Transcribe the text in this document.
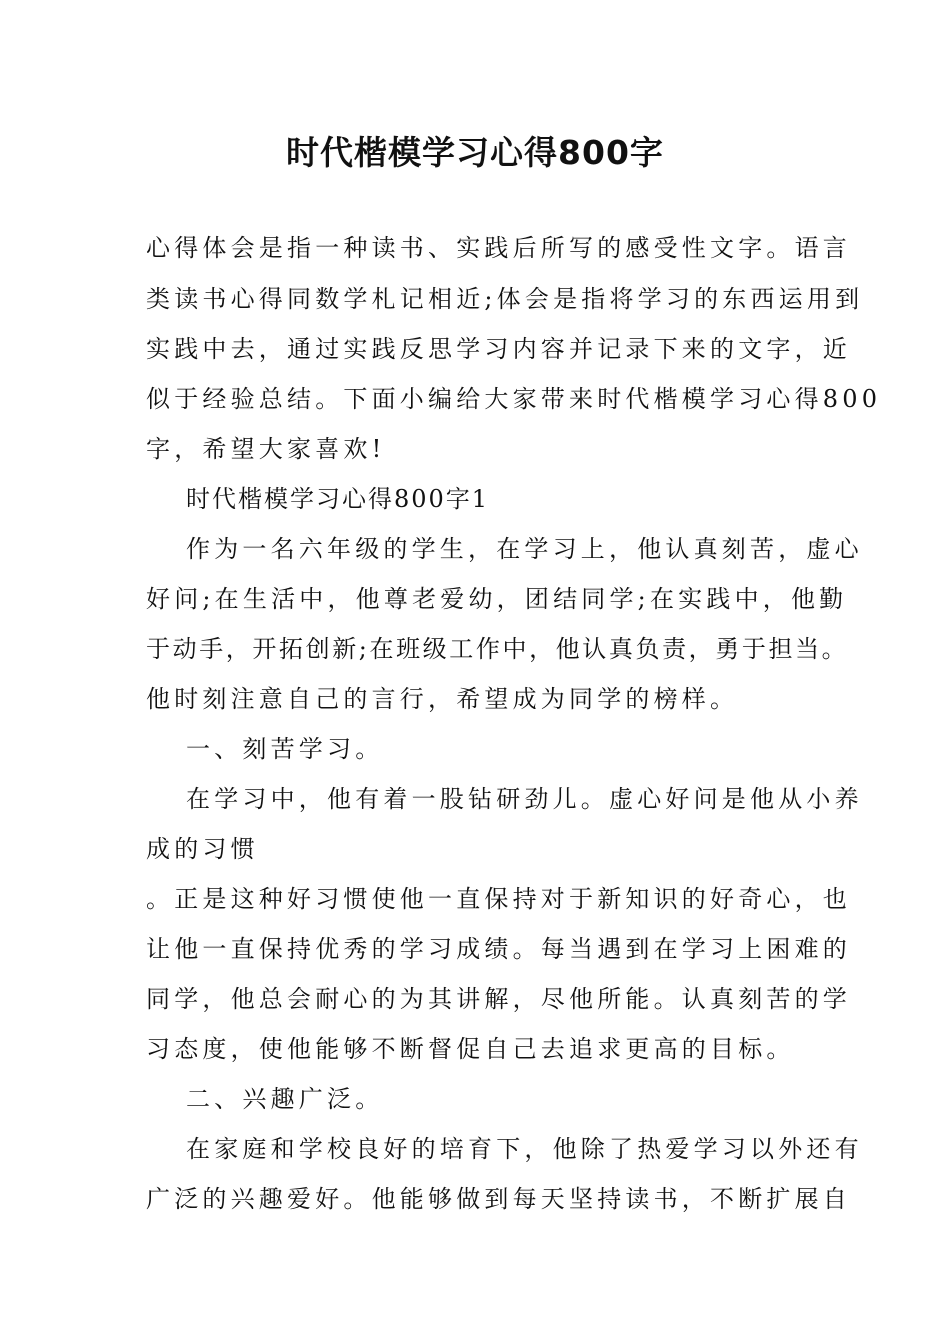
时代楷模学习心得800字
心得体会是指一种读书、实践后所写的感受性文字。语言
类读书心得同数学札记相近;体会是指将学习的东西运用到
实践中去，通过实践反思学习内容并记录下来的文字，近
似于经验总结。下面小编给大家带来时代楷模学习心得800
字，希望大家喜欢!
时代楷模学习心得800字1
作为一名六年级的学生，在学习上，他认真刻苦，虚心
好问;在生活中，他尊老爱幼，团结同学;在实践中，他勤
于动手，开拓创新;在班级工作中，他认真负责，勇于担当。
他时刻注意自己的言行，希望成为同学的榜样。
一、刻苦学习。
在学习中，他有着一股钻研劲儿。虚心好问是他从小养
成的习惯
。正是这种好习惯使他一直保持对于新知识的好奇心，也
让他一直保持优秀的学习成绩。每当遇到在学习上困难的
同学，他总会耐心的为其讲解，尽他所能。认真刻苦的学
习态度，使他能够不断督促自己去追求更高的目标。
二、兴趣广泛。
在家庭和学校良好的培育下，他除了热爱学习以外还有
广泛的兴趣爱好。他能够做到每天坚持读书，不断扩展自
